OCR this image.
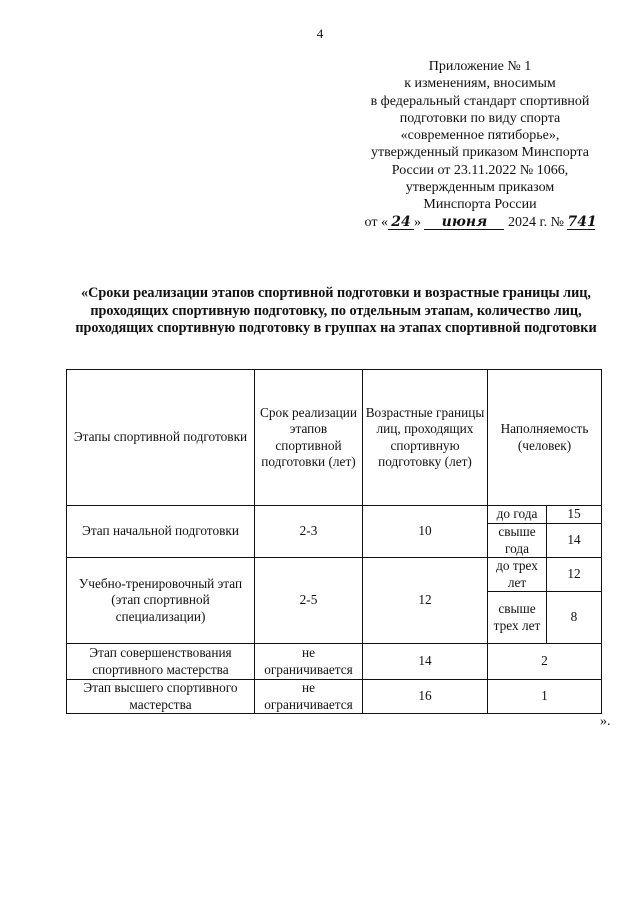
4
Приложение № 1
к изменениям, вносимым
в федеральный стандарт спортивной
подготовки по виду спорта
«современное пятиборье»,
утвержденный приказом Минспорта
России от 23.11.2022 № 1066,
утвержденным приказом
Минспорта России
от « 24 » июня 2024 г. № 741
«Сроки реализации этапов спортивной подготовки и возрастные границы лиц, проходящих спортивную подготовку, по отдельным этапам, количество лиц, проходящих спортивную подготовку в группах на этапах спортивной подготовки
Этапы спортивной подготовки	Срок реализации этапов спортивной подготовки (лет)	Возрастные границы лиц, проходящих спортивную подготовку (лет)	Наполняемость (человек)	
Этап начальной подготовки	2-3	10	до года	15
			свыше года	14
Учебно-тренировочный этап (этап спортивной специализации)	2-5	12	до трех лет	12
			свыше трех лет	8
Этап совершенствования спортивного мастерства	не ограничивается	14	2	
Этап высшего спортивного мастерства	не ограничивается	16	1	
».
